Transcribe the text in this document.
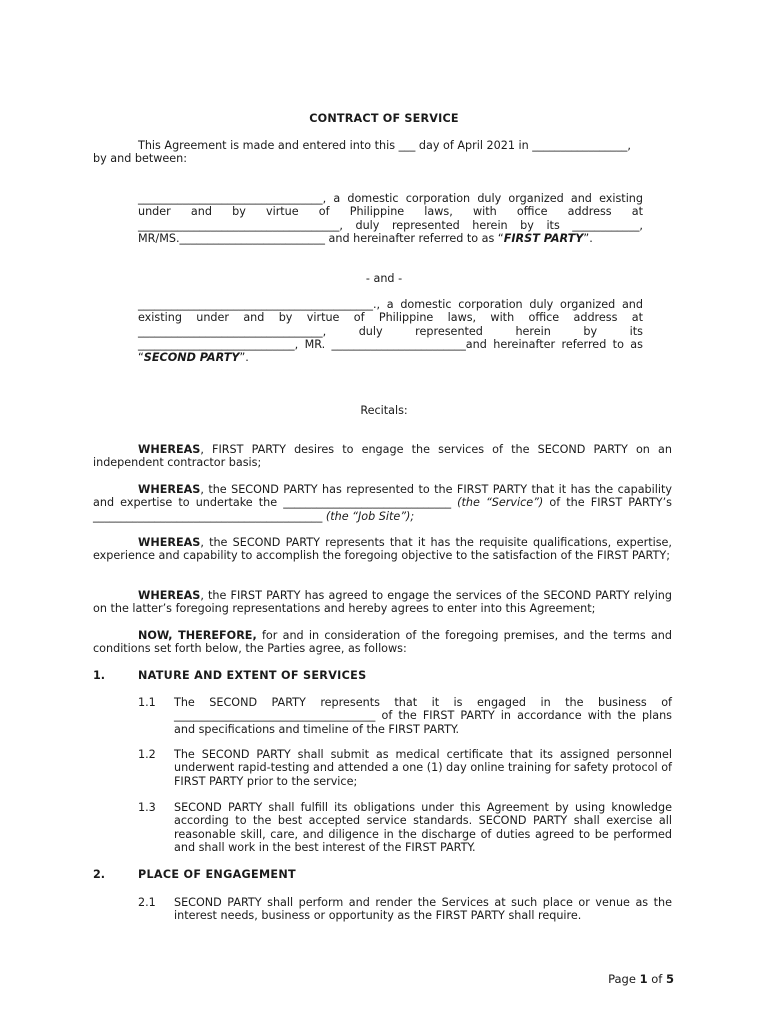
CONTRACT OF SERVICE
This Agreement is made and entered into this ___ day of April 2021 in _________________,
by and between:
_________________________________, a domestic corporation duly organized and existing under and by virtue of Philippine laws, with office address at ____________________________________, duly represented herein by its ____________, MR/MS.__________________________ and hereinafter referred to as “FIRST PARTY”.
- and -
__________________________________________., a domestic corporation duly organized and existing under and by virtue of Philippine laws, with office address at _________________________________, duly represented herein by its ____________________________, MR. ________________________and hereinafter referred to as “SECOND PARTY”.
Recitals:
WHEREAS, FIRST PARTY desires to engage the services of the SECOND PARTY on an independent contractor basis;
WHEREAS, the SECOND PARTY has represented to the FIRST PARTY that it has the capability and expertise to undertake the ______________________________ (the “Service”) of the FIRST PARTY’s _________________________________________ (the “Job Site”);
WHEREAS, the SECOND PARTY represents that it has the requisite qualifications, expertise, experience and capability to accomplish the foregoing objective to the satisfaction of the FIRST PARTY;
WHEREAS, the FIRST PARTY has agreed to engage the services of the SECOND PARTY relying on the latter’s foregoing representations and hereby agrees to enter into this Agreement;
NOW, THEREFORE, for and in consideration of the foregoing premises, and the terms and conditions set forth below, the Parties agree, as follows:
1.	NATURE AND EXTENT OF SERVICES
1.1 The SECOND PARTY represents that it is engaged in the business of ____________________________________ of the FIRST PARTY in accordance with the plans and specifications and timeline of the FIRST PARTY.
1.2 The SECOND PARTY shall submit as medical certificate that its assigned personnel underwent rapid-testing and attended a one (1) day online training for safety protocol of FIRST PARTY prior to the service;
1.3 SECOND PARTY shall fulfill its obligations under this Agreement by using knowledge according to the best accepted service standards. SECOND PARTY shall exercise all reasonable skill, care, and diligence in the discharge of duties agreed to be performed and shall work in the best interest of the FIRST PARTY.
2.	PLACE OF ENGAGEMENT
2.1 SECOND PARTY shall perform and render the Services at such place or venue as the interest needs, business or opportunity as the FIRST PARTY shall require.
Page 1 of 5
